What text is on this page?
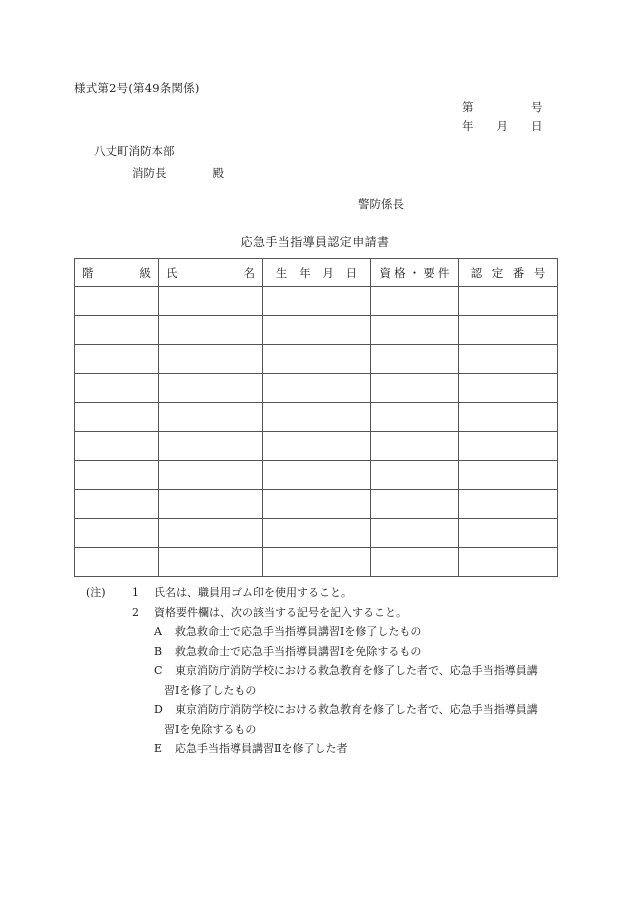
様式第2号(第49条関係)
第　　　　　号
年　　月　　日
八丈町消防本部
消防長　　　　殿
警防係長
応急手当指導員認定申請書
階 級	氏 名	生 年 月 日	資 格 ・ 要 件	認 定 番 号

(注)	1	氏名は、職員用ゴム印を使用すること。
2	資格要件欄は、次の該当する記号を記入すること。
A	救急救命士で応急手当指導員講習Ⅰを修了したもの
B	救急救命士で応急手当指導員講習Ⅰを免除するもの
C	東京消防庁消防学校における救急教育を修了した者で、応急手当指導員講
習Ⅰを修了したもの
D	東京消防庁消防学校における救急教育を修了した者で、応急手当指導員講
習Ⅰを免除するもの
E	応急手当指導員講習Ⅱを修了した者
